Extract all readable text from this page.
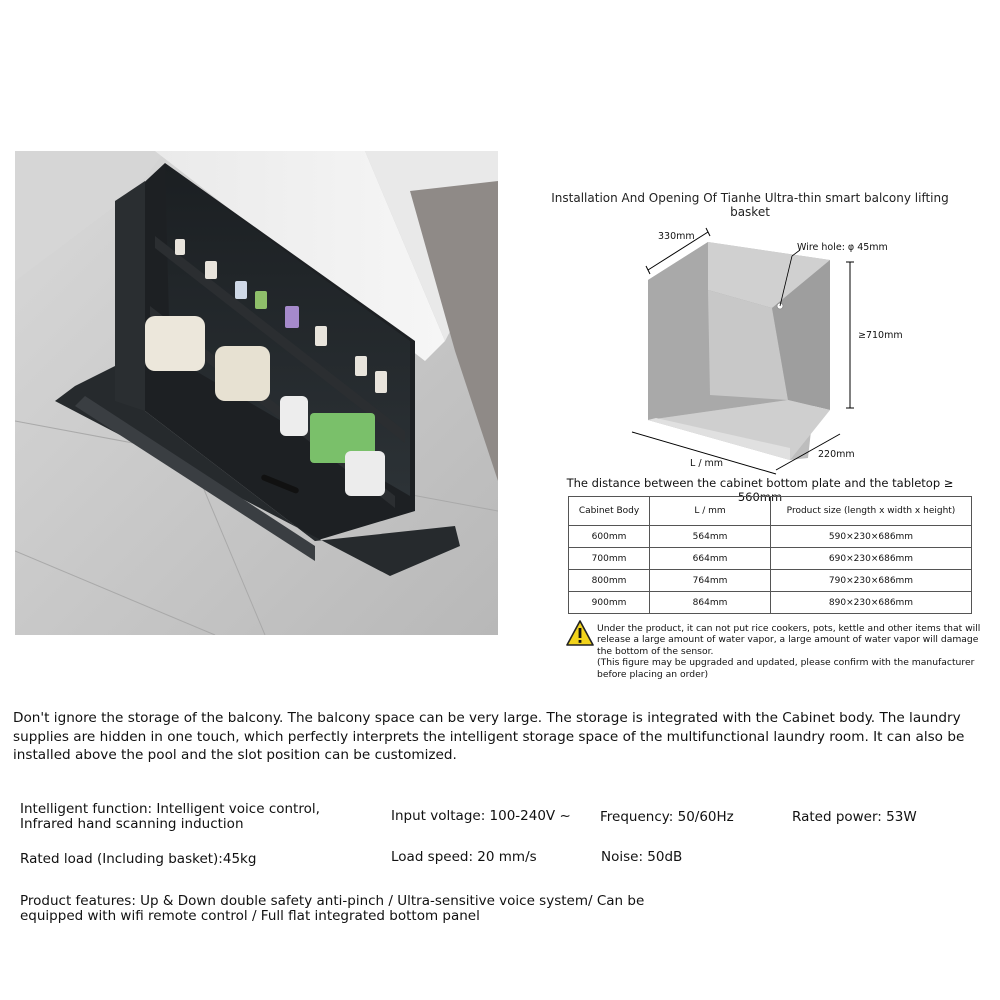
Installation And Opening Of Tianhe Ultra-thin smart balcony lifting basket
330mm
Wire hole: φ 45mm
≥710mm
L / mm
220mm
The distance between the cabinet bottom plate and the tabletop ≥ 560mm
Cabinet Body	L / mm	Product size (length x width x height)
600mm	564mm	590×230×686mm
700mm	664mm	690×230×686mm
800mm	764mm	790×230×686mm
900mm	864mm	890×230×686mm
Under the product, it can not put rice cookers, pots, kettle and other items that will release a large amount of water vapor, a large amount of water vapor will damage the bottom of the sensor.
(This figure may be upgraded and updated, please confirm with the manufacturer before placing an order)
Don't ignore the storage of the balcony. The balcony space can be very large. The storage is integrated with the Cabinet body. The laundry supplies are hidden in one touch, which perfectly interprets the intelligent storage space of the multifunctional laundry room. It can also be installed above the pool and the slot position can be customized.
Intelligent function: Intelligent voice control,
Infrared hand scanning induction	Input voltage: 100-240V ~ Frequency: 50/60Hz	Rated power: 53W
Rated load (Including basket):45kg	Load speed: 20 mm/s	Noise: 50dB
Product features: Up & Down double safety anti-pinch / Ultra-sensitive voice system/ Can be equipped with wifi remote control / Full flat integrated bottom panel
